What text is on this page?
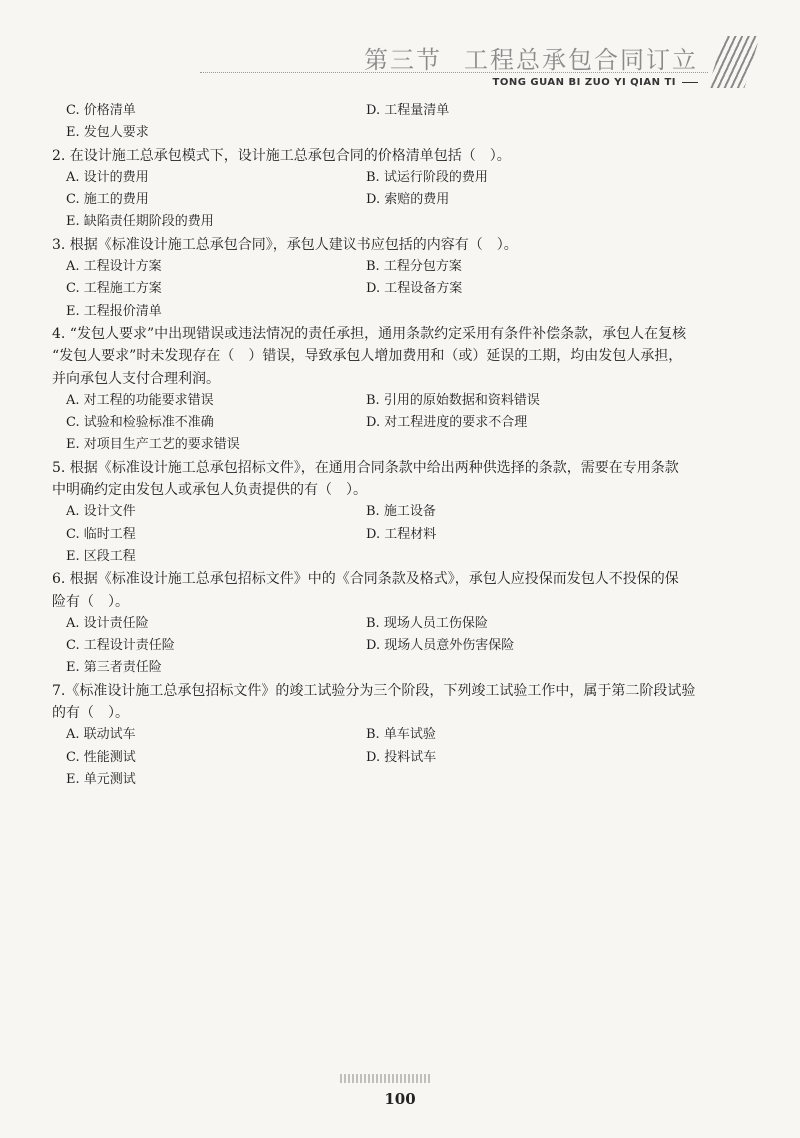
第三节 工程总承包合同订立
TONG GUAN BI ZUO YI QIAN TI
C. 价格清单	D. 工程量清单
E. 发包人要求
2. 在设计施工总承包模式下，设计施工总承包合同的价格清单包括（　）。
A. 设计的费用	B. 试运行阶段的费用
C. 施工的费用	D. 索赔的费用
E. 缺陷责任期阶段的费用
3. 根据《标准设计施工总承包合同》，承包人建议书应包括的内容有（　）。
A. 工程设计方案	B. 工程分包方案
C. 工程施工方案	D. 工程设备方案
E. 工程报价清单
4. “发包人要求”中出现错误或违法情况的责任承担，通用条款约定采用有条件补偿条款，承包人在复核
“发包人要求”时未发现存在（　）错误，导致承包人增加费用和（或）延误的工期，均由发包人承担，
并向承包人支付合理利润。
A. 对工程的功能要求错误	B. 引用的原始数据和资料错误
C. 试验和检验标准不准确	D. 对工程进度的要求不合理
E. 对项目生产工艺的要求错误
5. 根据《标准设计施工总承包招标文件》，在通用合同条款中给出两种供选择的条款，需要在专用条款
中明确约定由发包人或承包人负责提供的有（　）。
A. 设计文件	B. 施工设备
C. 临时工程	D. 工程材料
E. 区段工程
6. 根据《标准设计施工总承包招标文件》中的《合同条款及格式》，承包人应投保而发包人不投保的保
险有（　）。
A. 设计责任险	B. 现场人员工伤保险
C. 工程设计责任险	D. 现场人员意外伤害保险
E. 第三者责任险
7.《标准设计施工总承包招标文件》的竣工试验分为三个阶段，下列竣工试验工作中，属于第二阶段试验
的有（　）。
A. 联动试车	B. 单车试验
C. 性能测试	D. 投料试车
E. 单元测试
100
